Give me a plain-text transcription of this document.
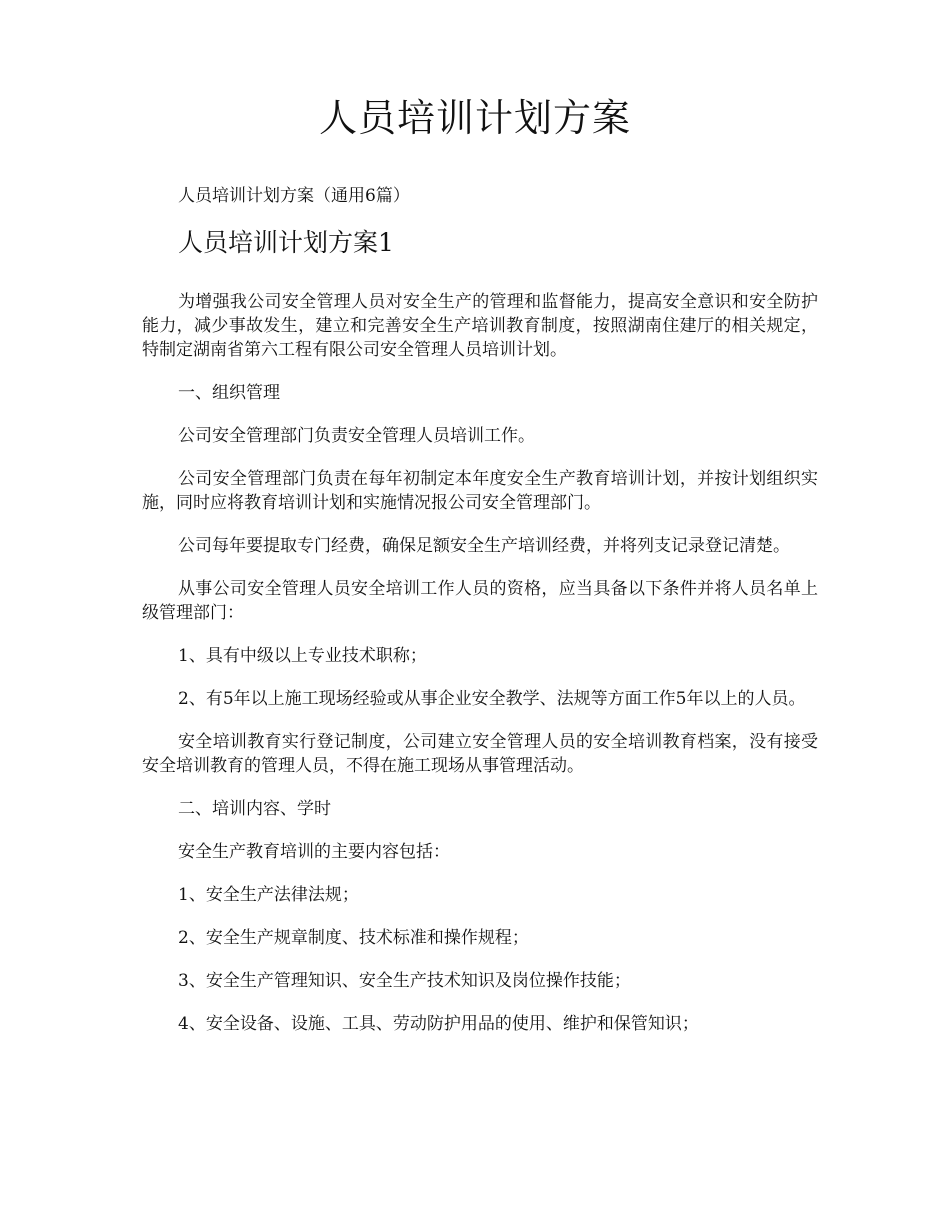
人员培训计划方案
人员培训计划方案（通用6篇）
人员培训计划方案1

为增强我公司安全管理人员对安全生产的管理和监督能力，提高安全意识和安全防护能力，减少事故发生，建立和完善安全生产培训教育制度，按照湖南住建厅的相关规定，特制定湖南省第六工程有限公司安全管理人员培训计划。

一、组织管理

公司安全管理部门负责安全管理人员培训工作。

公司安全管理部门负责在每年初制定本年度安全生产教育培训计划，并按计划组织实施，同时应将教育培训计划和实施情况报公司安全管理部门。

公司每年要提取专门经费，确保足额安全生产培训经费，并将列支记录登记清楚。

从事公司安全管理人员安全培训工作人员的资格，应当具备以下条件并将人员名单上级管理部门：

1、具有中级以上专业技术职称；

2、有5年以上施工现场经验或从事企业安全教学、法规等方面工作5年以上的人员。

安全培训教育实行登记制度，公司建立安全管理人员的安全培训教育档案，没有接受安全培训教育的管理人员，不得在施工现场从事管理活动。

二、培训内容、学时

安全生产教育培训的主要内容包括：

1、安全生产法律法规；

2、安全生产规章制度、技术标准和操作规程；

3、安全生产管理知识、安全生产技术知识及岗位操作技能；

4、安全设备、设施、工具、劳动防护用品的使用、维护和保管知识；
